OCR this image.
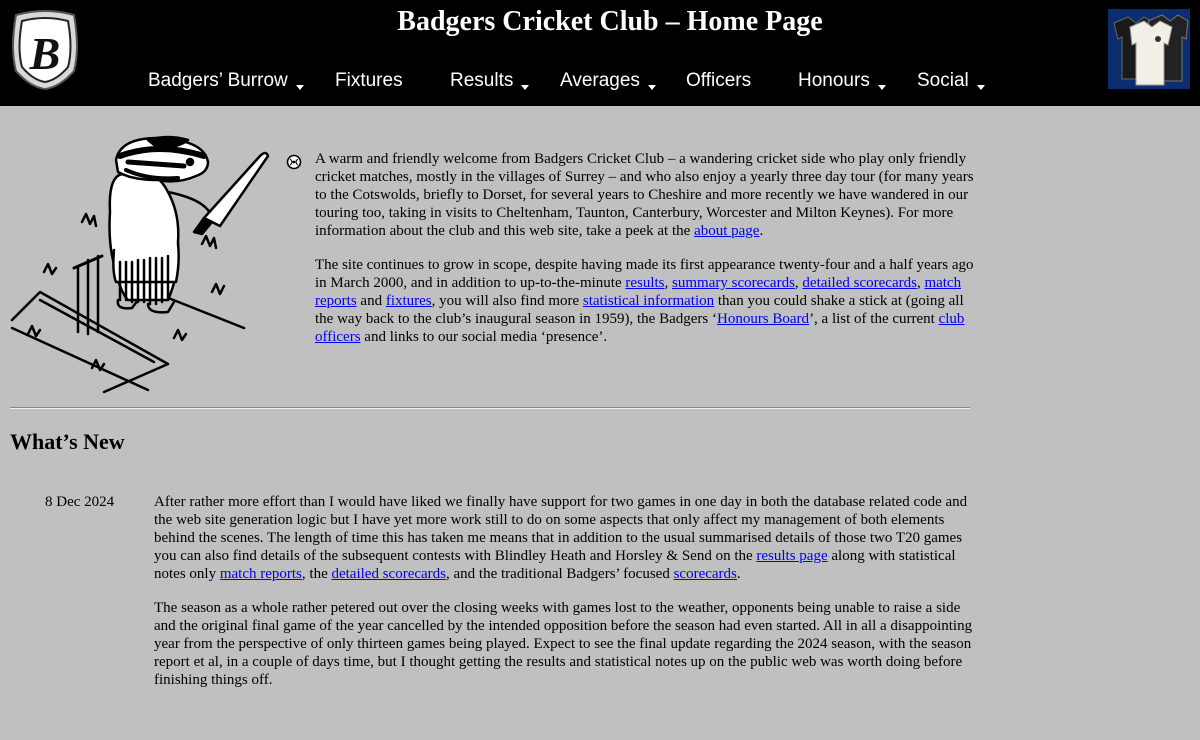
B
Badgers Cricket Club – Home Page
Badgers’ Burrow	Fixtures Results	Averages	Officers Honours	Social

A warm and friendly welcome from Badgers Cricket Club – a wandering cricket side who play only friendly cricket matches, mostly in the villages of Surrey – and who also enjoy a yearly three day tour (for many years to the Cotswolds, briefly to Dorset, for several years to Cheshire and more recently we have wandered in our touring too, taking in visits to Cheltenham, Taunton, Canterbury, Worcester and Milton Keynes). For more information about the club and this web site, take a peek at the about page.

The site continues to grow in scope, despite having made its first appearance twenty-four and a half years ago in March 2000, and in addition to up-to-the-minute results, summary scorecards, detailed scorecards, match reports and fixtures, you will also find more statistical information than you could shake a stick at (going all the way back to the club’s inaugural season in 1959), the Badgers ‘Honours Board’, a list of the current club officers and links to our social media ‘presence’.

What’s New
8 Dec 2024	After rather more effort than I would have liked we finally have support for two games in one day in both the database related code and the web site generation logic but I have yet more work still to do on some aspects that only affect my management of both elements behind the scenes. The length of time this has taken me means that in addition to the usual summarised details of those two T20 games you can also find details of the subsequent contests with Blindley Heath and Horsley & Send on the results page along with statistical notes only match reports, the detailed scorecards, and the traditional Badgers’ focused scorecards.

The season as a whole rather petered out over the closing weeks with games lost to the weather, opponents being unable to raise a side and the original final game of the year cancelled by the intended opposition before the season had even started. All in all a disappointing year from the perspective of only thirteen games being played. Expect to see the final update regarding the 2024 season, with the season report et al, in a couple of days time, but I thought getting the results and statistical notes up on the public web was worth doing before finishing things off.
